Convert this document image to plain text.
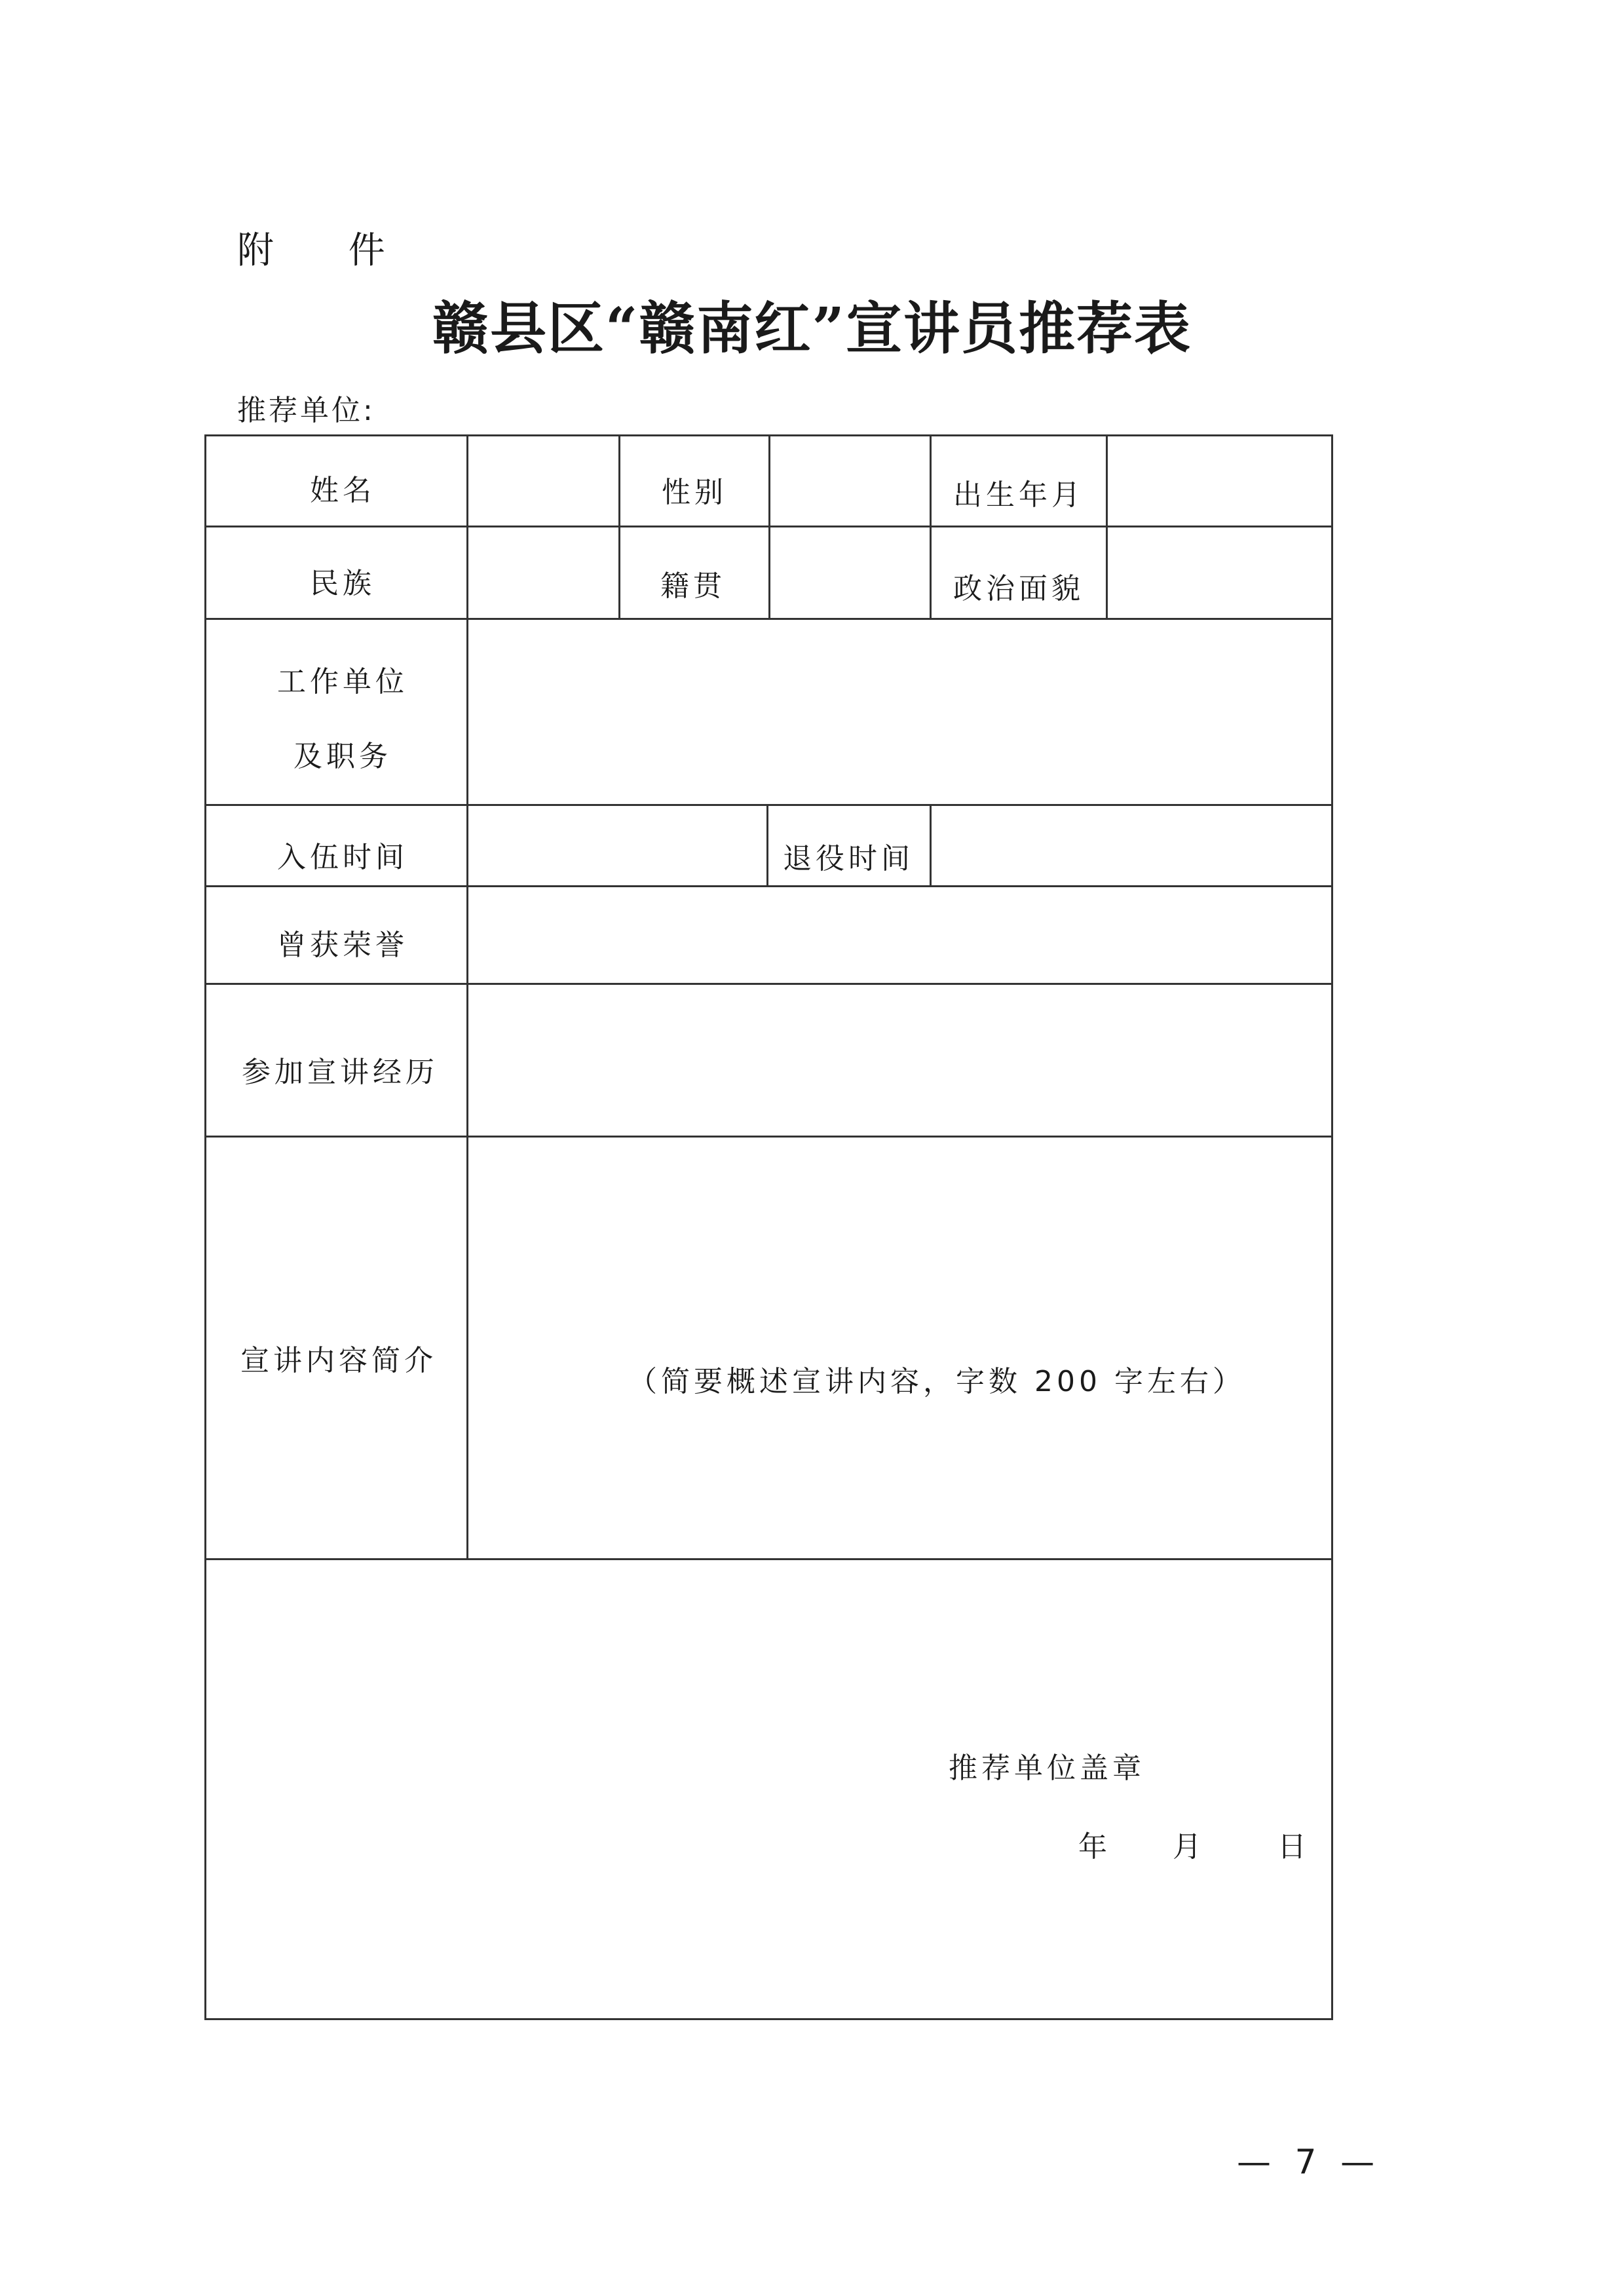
附 件
赣县区“赣南红”宣讲员推荐表
推荐单位:
姓名	性别	出生年月
民族	籍贯	政治面貌
工作单位
及职务
入伍时间	退役时间
曾获荣誉
参加宣讲经历
宣讲内容简介
（简要概述宣讲内容，字数 200 字左右）
推荐单位盖章
年 月	日
— 7 —
